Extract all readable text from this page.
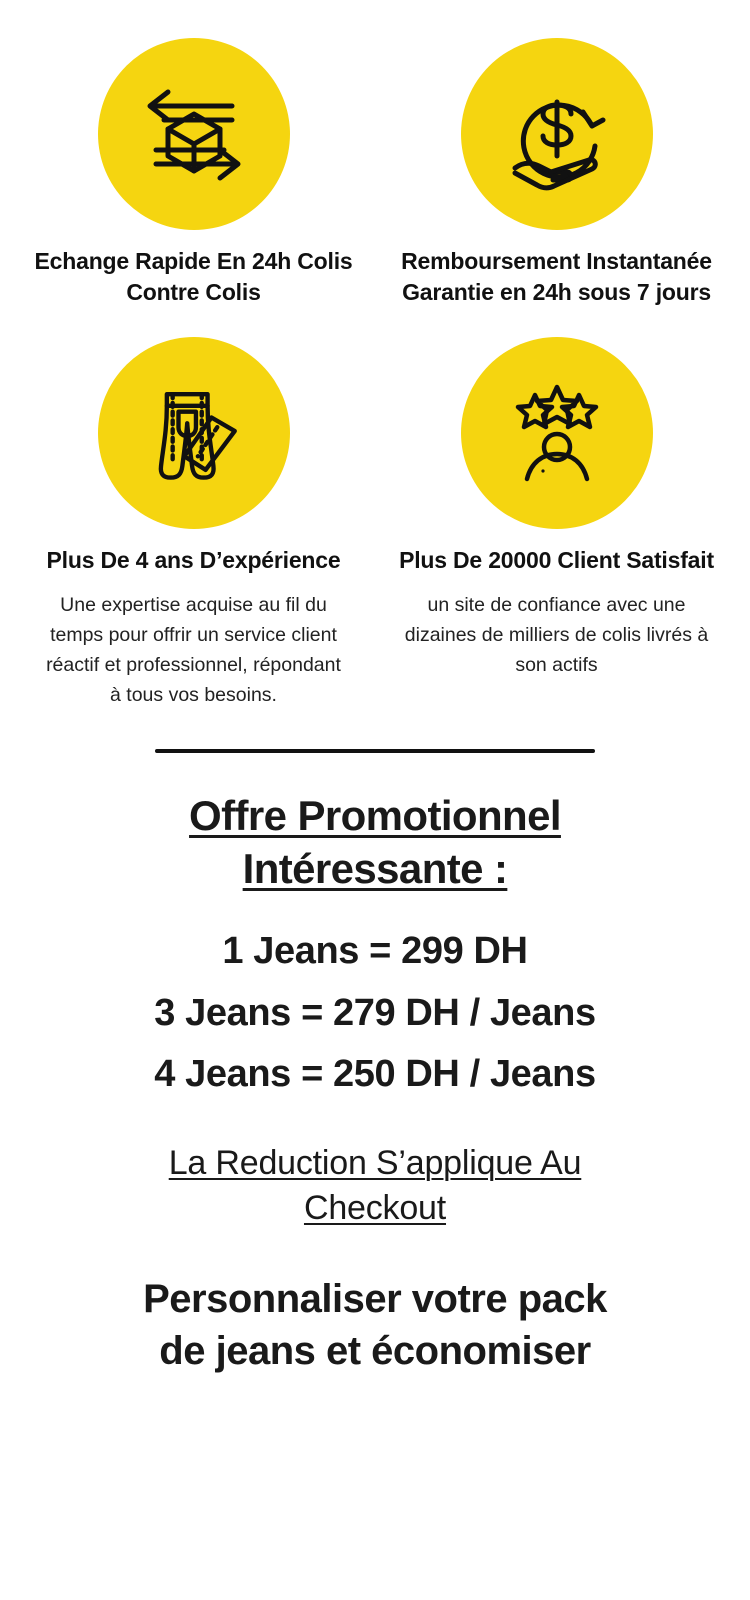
Echange Rapide En 24h Colis Contre Colis
Remboursement Instantanée Garantie en 24h sous 7 jours
Plus De 4 ans D’expérience
Une expertise acquise au fil du temps pour offrir un service client réactif et professionnel, répondant à tous vos besoins.
Plus De 20000 Client Satisfait
un site de confiance avec une dizaines de milliers de colis livrés à son actifs
Offre Promotionnel
Intéressante :
1 Jeans = 299 DH
3 Jeans = 279 DH / Jeans
4 Jeans = 250 DH / Jeans
La Reduction S’applique Au
Checkout
Personnaliser votre pack
de jeans et économiser
